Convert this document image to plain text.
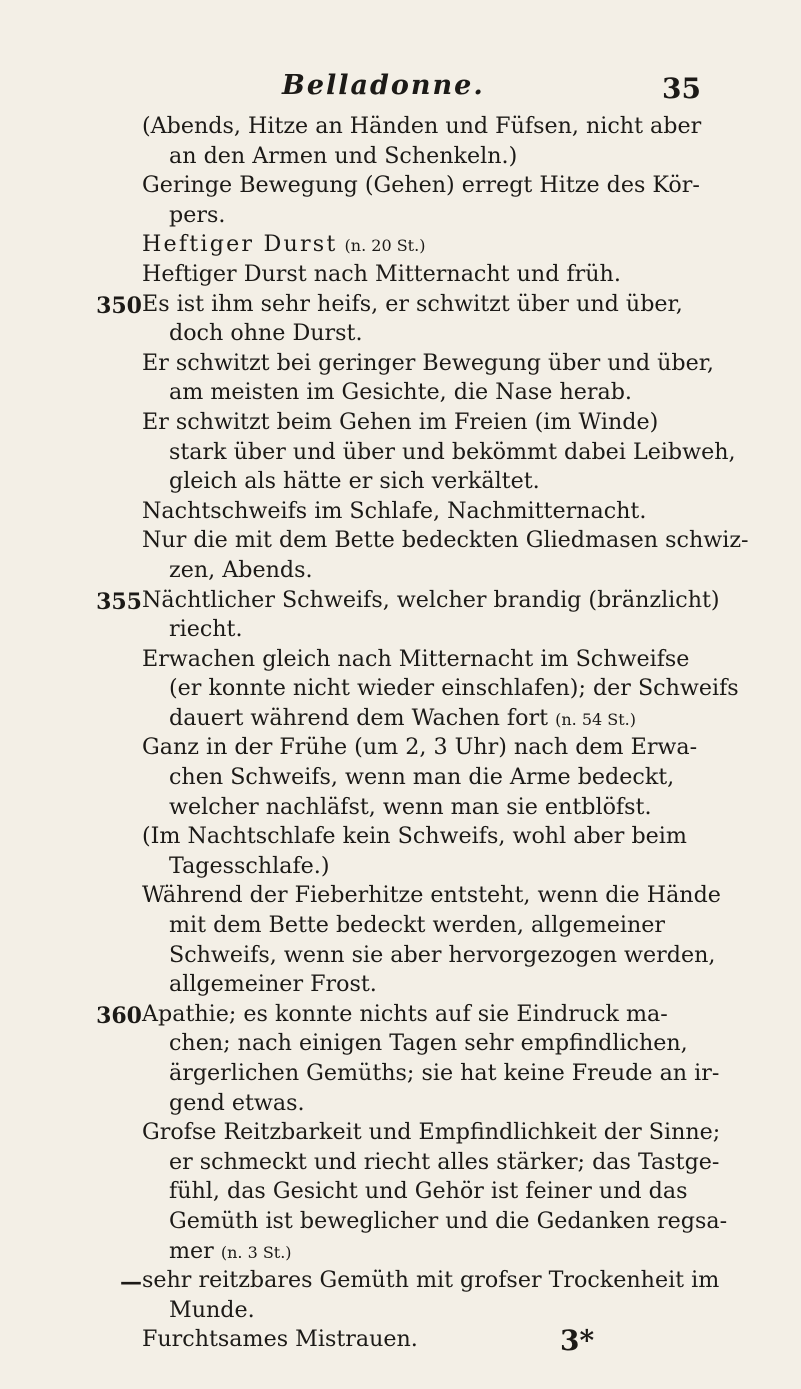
Belladonne.	35
(Abends, Hitze an Händen und Füfsen, nicht aber
an den Armen und Schenkeln.)
Geringe Bewegung (Gehen) erregt Hitze des Kör-
pers.
Heftiger Durst (n. 20 St.)
Heftiger Durst nach Mitternacht und früh.
350 Es ist ihm sehr heifs, er schwitzt über und über,
doch ohne Durst.
Er schwitzt bei geringer Bewegung über und über,
am meisten im Gesichte, die Nase herab.
Er schwitzt beim Gehen im Freien (im Winde)
stark über und über und bekömmt dabei Leibweh,
gleich als hätte er sich verkältet.
Nachtschweifs im Schlafe, Nachmitternacht.
Nur die mit dem Bette bedeckten Gliedmasen schwiz-
zen, Abends.
355 Nächtlicher Schweifs, welcher brandig (bränzlicht)
riecht.
Erwachen gleich nach Mitternacht im Schweifse
(er konnte nicht wieder einschlafen); der Schweifs
dauert während dem Wachen fort (n. 54 St.)
Ganz in der Frühe (um 2, 3 Uhr) nach dem Erwa-
chen Schweifs, wenn man die Arme bedeckt,
welcher nachläfst, wenn man sie entblöfst.
(Im Nachtschlafe kein Schweifs, wohl aber beim
Tagesschlafe.)
Während der Fieberhitze entsteht, wenn die Hände
mit dem Bette bedeckt werden, allgemeiner
Schweifs, wenn sie aber hervorgezogen werden,
allgemeiner Frost.
360 Apathie; es konnte nichts auf sie Eindruck ma-
chen; nach einigen Tagen sehr empfindlichen,
ärgerlichen Gemüths; sie hat keine Freude an ir-
gend etwas.
Grofse Reitzbarkeit und Empfindlichkeit der Sinne;
er schmeckt und riecht alles stärker; das Tastge-
fühl, das Gesicht und Gehör ist feiner und das
Gemüth ist beweglicher und die Gedanken regsa-
mer (n. 3 St.)
— sehr reitzbares Gemüth mit grofser Trockenheit im
Munde.
Furchtsames Mistrauen.	3*
